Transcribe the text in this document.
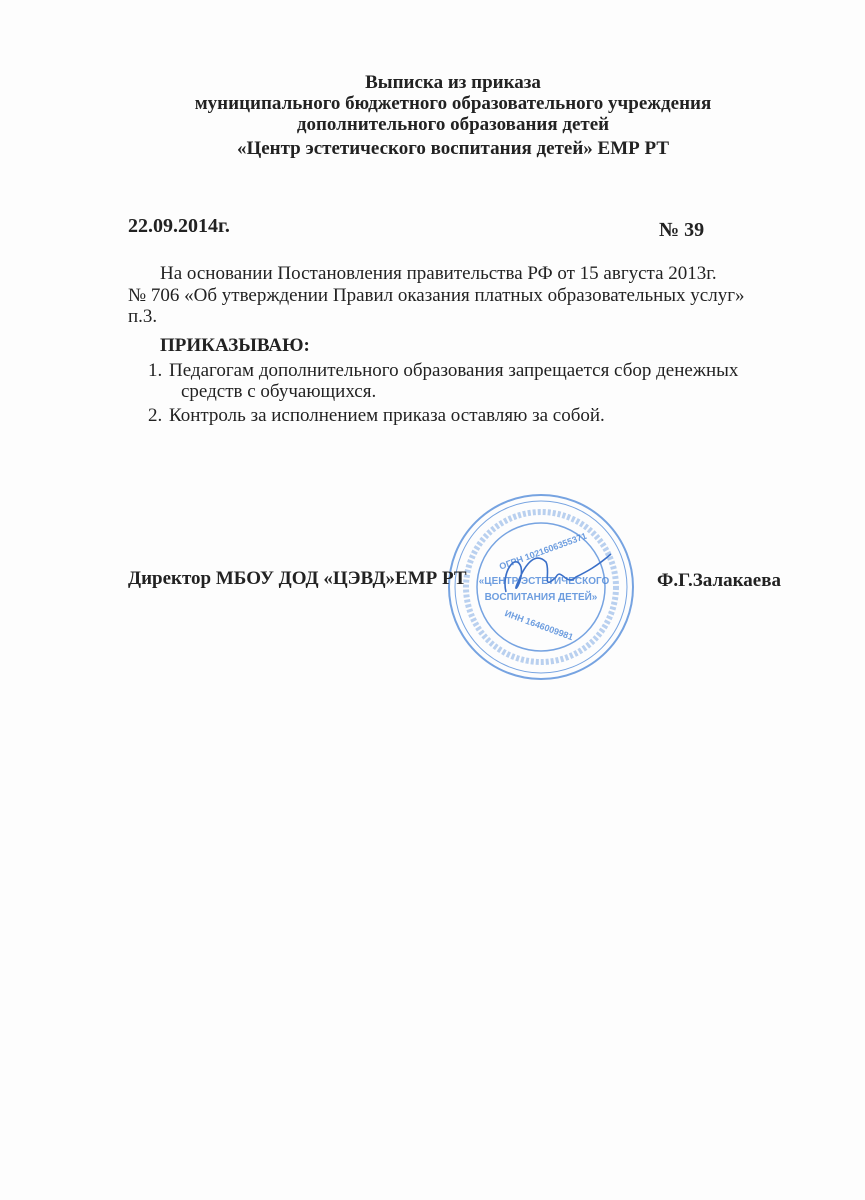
Выписка из приказа
муниципального бюджетного образовательного учреждения
дополнительного образования детей
«Центр эстетического воспитания детей» ЕМР РТ
22.09.2014г.	№ 39
На основании Постановления правительства РФ от 15 августа 2013г.
№ 706 «Об утверждении Правил оказания платных образовательных услуг»
п.3.
ПРИКАЗЫВАЮ:
1. Педагогам дополнительного образования запрещается сбор денежных
средств с обучающихся.
2. Контроль за исполнением приказа оставляю за собой.
ОГРН 1021606355371
«ЦЕНТР ЭСТЕТИЧЕСКОГО
ВОСПИТАНИЯ ДЕТЕЙ»
ИНН 1646009981
Директор МБОУ ДОД «ЦЭВД»ЕМР РТ	Ф.Г.Залакаева
